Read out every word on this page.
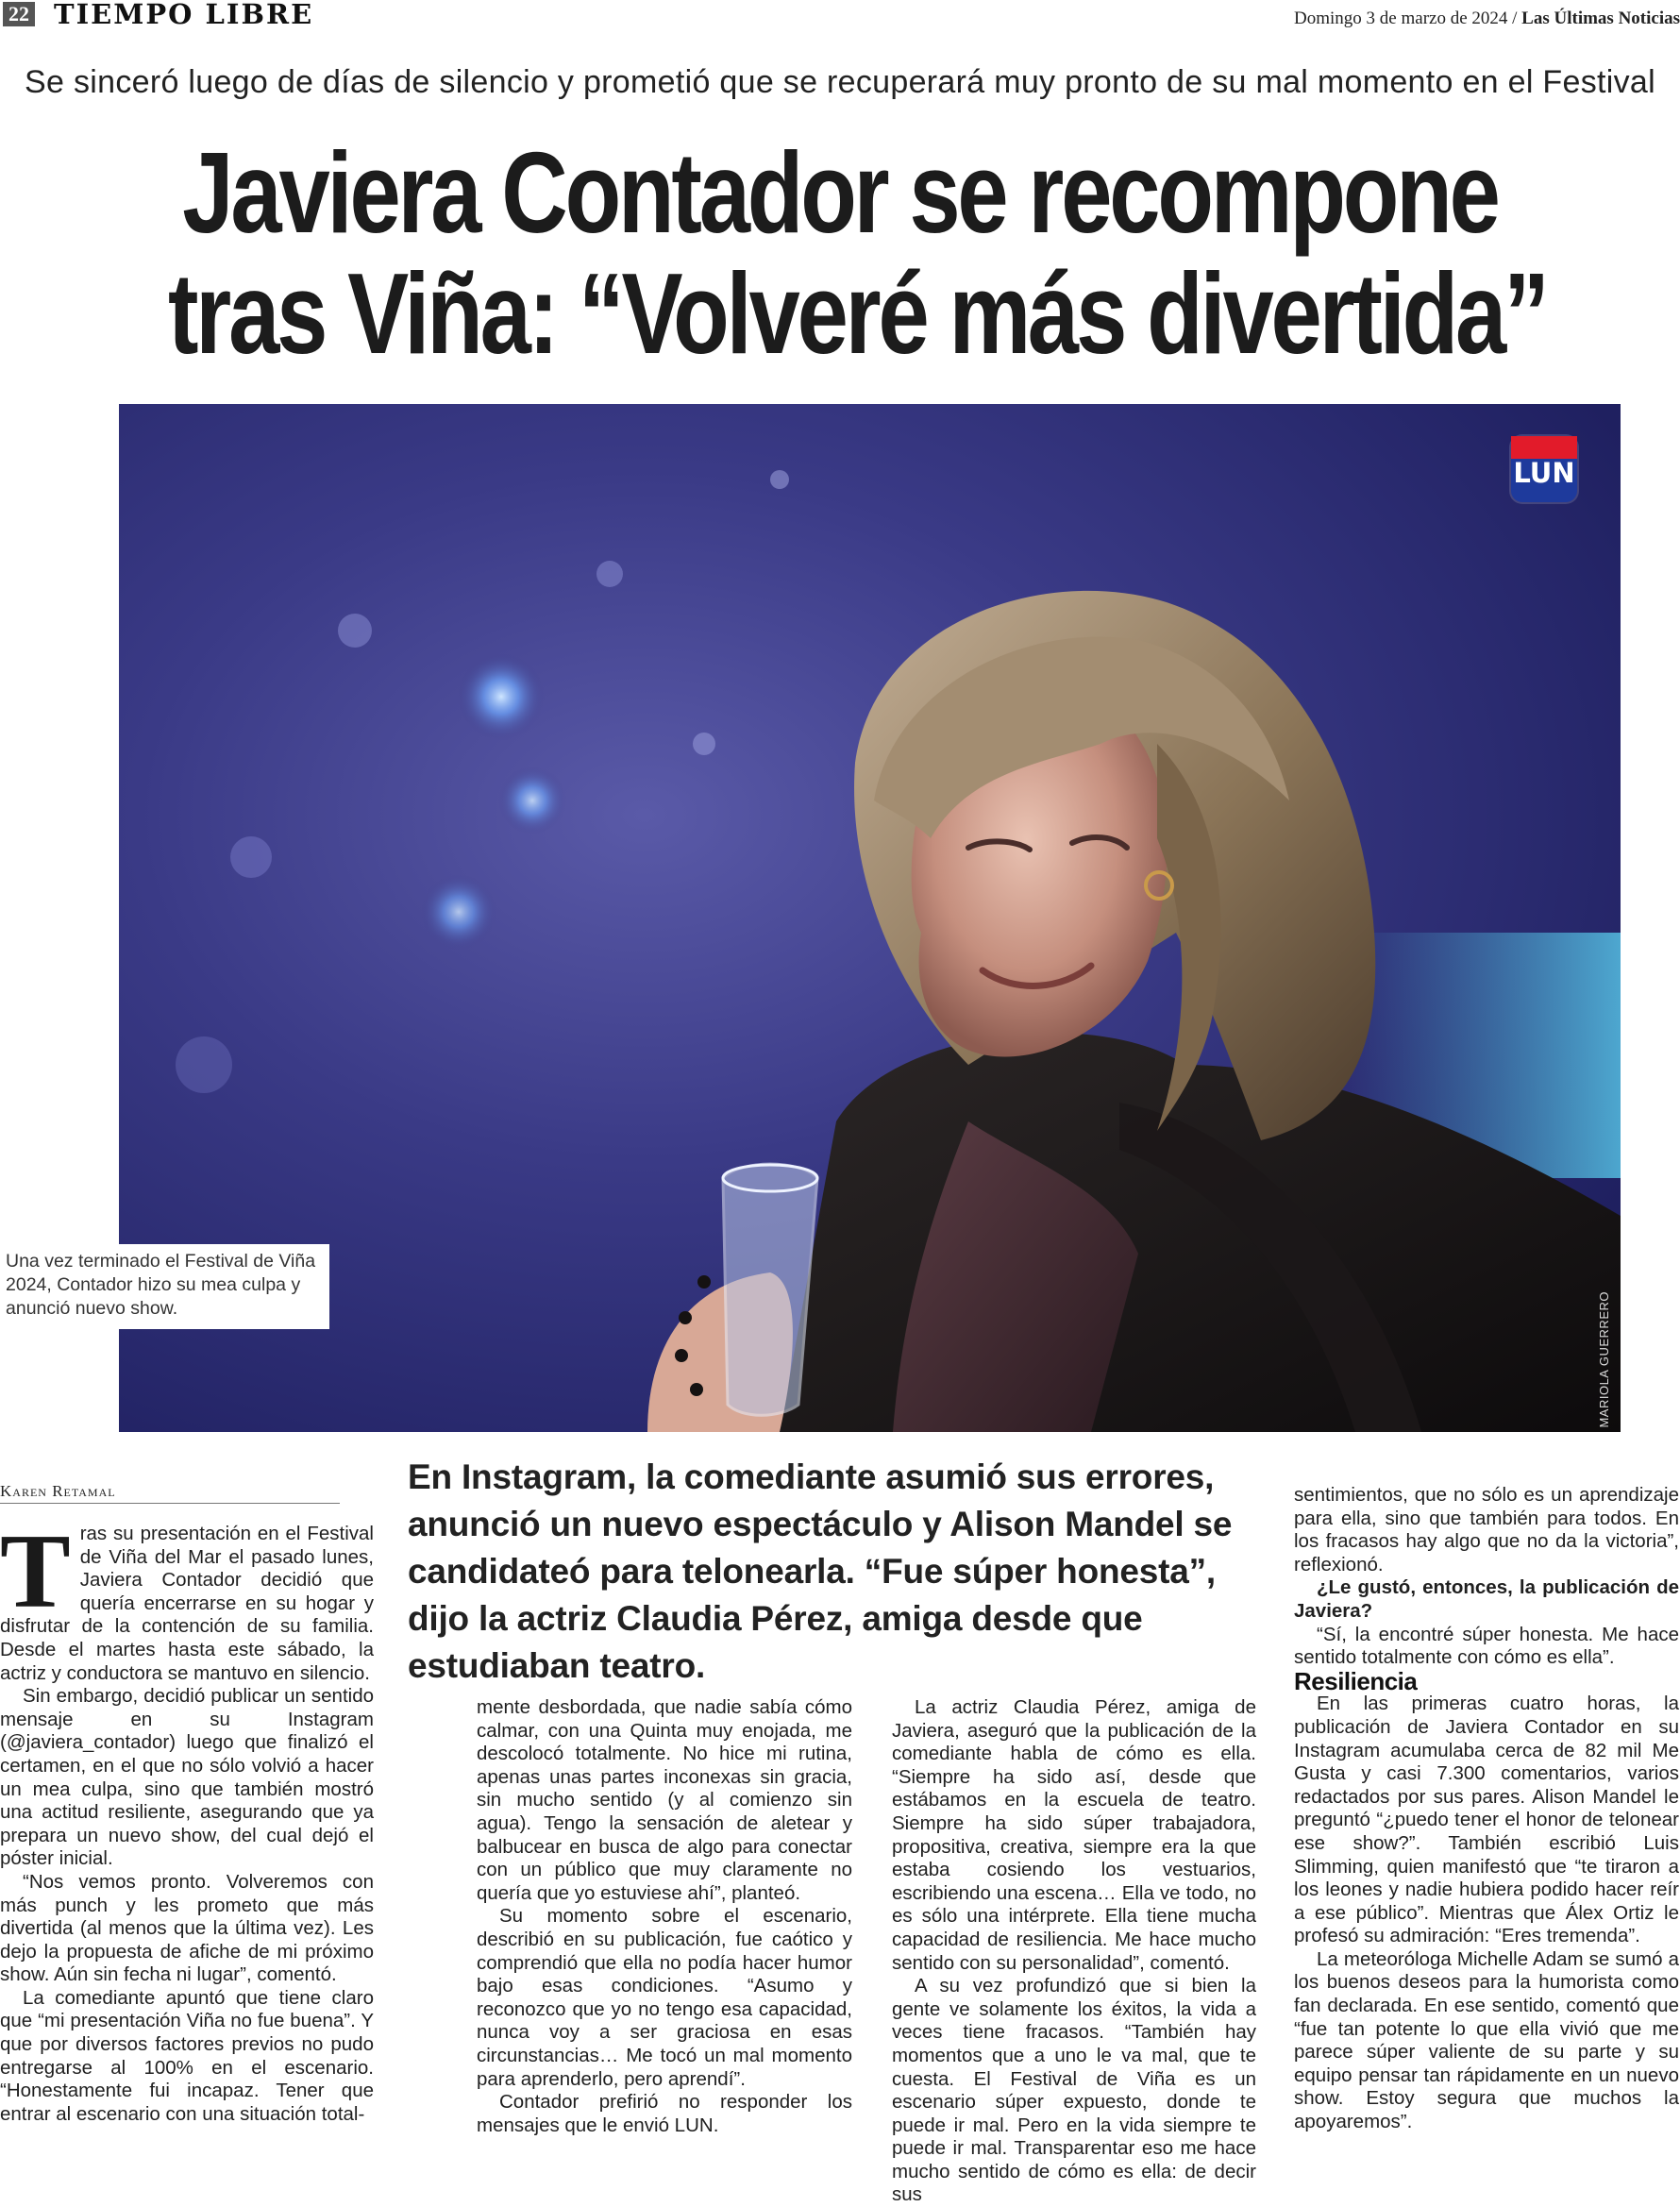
22 TIEMPO LIBRE	Domingo 3 de marzo de 2024 / Las Últimas Noticias
Se sinceró luego de días de silencio y prometió que se recuperará muy pronto de su mal momento en el Festival
Javiera Contador se recompone
tras Viña: “Volveré más divertida”
LUN
MARIOLA GUERRERO
Una vez terminado el Festival de Viña 2024, Contador hizo su mea culpa y anunció nuevo show.
Karen Retamal	En Instagram, la comediante asumió sus errores, anunció un nuevo espectáculo y Alison Mandel se candidateó para telonearla. “Fue súper honesta”, dijo la actriz Claudia Pérez, amiga desde que estudiaban teatro.

Tras su presentación en el Festival de Viña del Mar el pasado lunes, Javiera Contador decidió que quería encerrarse en su hogar y disfrutar de la contención de su familia. Desde el martes hasta este sábado, la actriz y conductora se mantuvo en silencio.

Sin embargo, decidió publicar un sentido mensaje en su Instagram (@javiera_contador) luego que finalizó el certamen, en el que no sólo volvió a hacer un mea culpa, sino que también mostró una actitud resiliente, asegurando que ya prepara un nuevo show, del cual dejó el póster inicial.

“Nos vemos pronto. Volveremos con más punch y les prometo que más divertida (al menos que la última vez). Les dejo la propuesta de afiche de mi próximo show. Aún sin fecha ni lugar”, comentó.

La comediante apuntó que tiene claro que “mi presentación Viña no fue buena”. Y que por diversos factores previos no pudo entregarse al 100% en el escenario. “Honestamente fui incapaz. Tener que entrar al escenario con una situación total-

mente desbordada, que nadie sabía cómo calmar, con una Quinta muy enojada, me descolocó totalmente. No hice mi rutina, apenas unas partes inconexas sin gracia, sin mucho sentido (y al comienzo sin agua). Tengo la sensación de aletear y balbucear en busca de algo para conectar con un público que muy claramente no quería que yo estuviese ahí”, planteó.

Su momento sobre el escenario, describió en su publicación, fue caótico y comprendió que ella no podía hacer humor bajo esas condiciones. “Asumo y reconozco que yo no tengo esa capacidad, nunca voy a ser graciosa en esas circunstancias… Me tocó un mal momento para aprenderlo, pero aprendí”.

Contador prefirió no responder los mensajes que le envió LUN.

La actriz Claudia Pérez, amiga de Javiera, aseguró que la publicación de la comediante habla de cómo es ella. “Siempre ha sido así, desde que estábamos en la escuela de teatro. Siempre ha sido súper trabajadora, propositiva, creativa, siempre era la que estaba cosiendo los vestuarios, escribiendo una escena… Ella ve todo, no es sólo una intérprete. Ella tiene mucha capacidad de resiliencia. Me hace mucho sentido con su personalidad”, comentó.

A su vez profundizó que si bien la gente ve solamente los éxitos, la vida a veces tiene fracasos. “También hay momentos que a uno le va mal, que te cuesta. El Festival de Viña es un escenario súper expuesto, donde te puede ir mal. Pero en la vida siempre te puede ir mal. Transparentar eso me hace mucho sentido de cómo es ella: de decir sus

sentimientos, que no sólo es un aprendizaje para ella, sino que también para todos. En los fracasos hay algo que no da la victoria”, reflexionó.

¿Le gustó, entonces, la publicación de Javiera?

“Sí, la encontré súper honesta. Me hace sentido totalmente con cómo es ella”.

Resiliencia

En las primeras cuatro horas, la publicación de Javiera Contador en su Instagram acumulaba cerca de 82 mil Me Gusta y casi 7.300 comentarios, varios redactados por sus pares. Alison Mandel le preguntó “¿puedo tener el honor de telonear ese show?”. También escribió Luis Slimming, quien manifestó que “te tiraron a los leones y nadie hubiera podido hacer reír a ese público”. Mientras que Álex Ortiz le profesó su admiración: “Eres tremenda”.

La meteoróloga Michelle Adam se sumó a los buenos deseos para la humorista como fan declarada. En ese sentido, comentó que “fue tan potente lo que ella vivió que me parece súper valiente de su parte y su equipo pensar tan rápidamente en un nuevo show. Estoy segura que muchos la apoyaremos”.
